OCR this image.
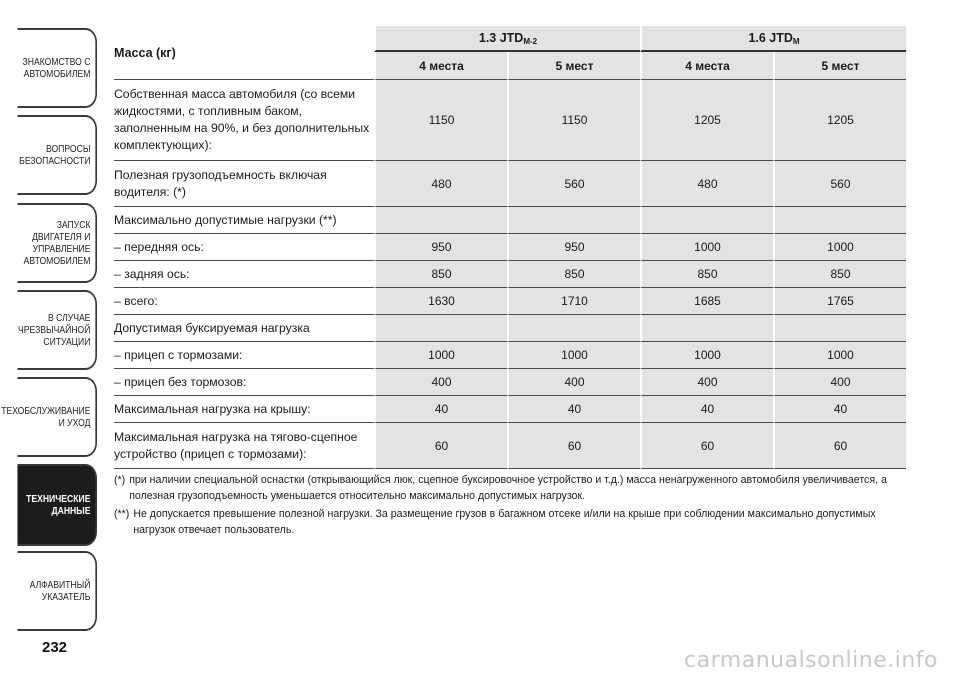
ЗНАКОМСТВО С
АВТОМОБИЛЕМ
ВОПРОСЫ
БЕЗОПАСНОСТИ
ЗАПУСК ДВИГАТЕЛЯ И
УПРАВЛЕНИЕ
АВТОМОБИЛЕМ
В СЛУЧАЕ
ЧРЕЗВЫЧАЙНОЙ
СИТУАЦИИ
ТЕХОБСЛУЖИВАНИЕ
И УХОД
ТЕХНИЧЕСКИЕ
ДАННЫЕ
АЛФАВИТНЫЙ
УКАЗАТЕЛЬ
232
Масса (кг)	1.3 $JTD_{M-2}$		1.6 $JTD_M$
	4 места	5 мест	4 места	5 мест
Собственная масса автомобиля (со всеми жидкостями, с топливным баком, заполненным на 90%, и без дополнительных комплектующих):	1150	1150	1205	1205
Полезная грузоподъемность включая водителя: (*)	480	560	480	560
Максимально допустимые нагрузки (**)				
– передняя ось:	950	950	1000	1000
– задняя ось:	850	850	850	850
– всего:	1630	1710	1685	1765
Допустимая буксируемая нагрузка				
– прицеп с тормозами:	1000	1000	1000	1000
– прицеп без тормозов:	400	400	400	400
Максимальная нагрузка на крышу:	40	40	40	40
Максимальная нагрузка на тягово-сцепное устройство (прицеп с тормозами):	60	60	60	60
(*) при наличии специальной оснастки (открывающийся люк, сцепное буксировочное устройство и т.д.) масса ненагруженного автомобиля увеличивается, а полезная грузоподъемность уменьшается относительно максимально допустимых нагрузок.
(**) Не допускается превышение полезной нагрузки. За размещение грузов в багажном отсеке и/или на крыше при соблюдении максимально допустимых нагрузок отвечает пользователь.
carmanualsonline.info
